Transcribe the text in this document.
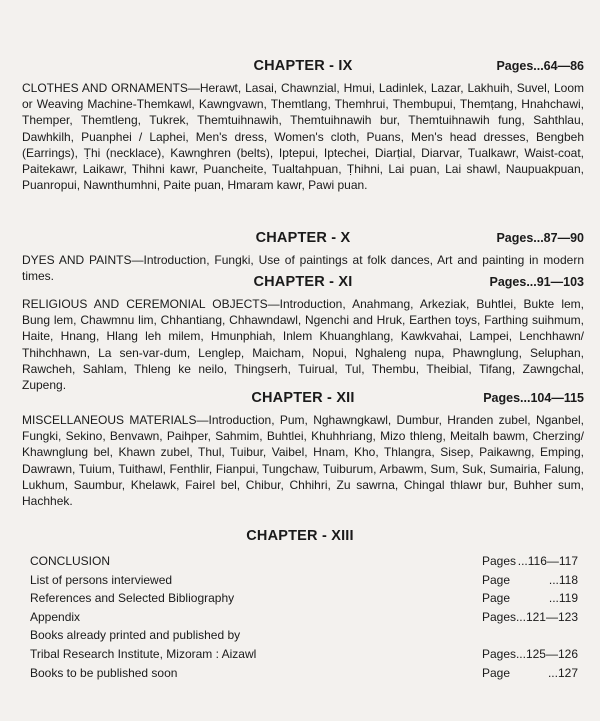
CHAPTER - IX	Pages...64—86
CLOTHES AND ORNAMENTS—Herawt, Lasai, Chawnzial, Hmui, Ladinlek, Lazar, Lakhuih, Suvel, Loom or Weaving Machine-Themkawl, Kawngvawn, Themtlang, Themhrui, Thembupui, Themṭang, Hnahchawi, Themper, Themtleng, Tukrek, Themtuihnawih, Themtuihnawih bur, Themtuihnawih fung, Sahthlau, Dawhkilh, Puanphei / Laphei, Men's dress, Women's cloth, Puans, Men's head dresses, Bengbeh (Earrings), Ṭhi (necklace), Kawnghren (belts), Iptepui, Iptechei, Diarṭial, Diarvar, Tualkawr, Waist-coat, Paitekawr, Laikawr, Thihni kawr, Puancheite, Tualtahpuan, Ṭhihni, Lai puan, Lai shawl, Naupuakpuan, Puanropui, Nawnthumhni, Paite puan, Hmaram kawr, Pawi puan.
CHAPTER - X	Pages...87—90
DYES AND PAINTS—Introduction, Fungki, Use of paintings at folk dances, Art and painting in modern times.	CHAPTER - XI	Pages...91—103
RELIGIOUS AND CEREMONIAL OBJECTS—Introduction, Anahmang, Arkeziak, Buhtlei, Bukte lem, Bung lem, Chawmnu lim, Chhantiang, Chhawndawl, Ngenchi and Hruk, Earthen toys, Farthing suihmum, Haite, Hnang, Hlang leh milem, Hmunphiah, Inlem Khuanghlang, Kawkvahai, Lampei, Lenchhawn/ Thihchhawn, La sen-var-dum, Lenglep, Maicham, Nopui, Nghaleng nupa, Phawnglung, Seluphan, Rawcheh, Sahlam, Thleng ke neilo, Thingserh, Tuirual, Tul, Thembu, Theibial, Tifang, Zawngchal, Zupeng.
CHAPTER - XII	Pages...104—115
MISCELLANEOUS MATERIALS—Introduction, Pum, Nghawngkawl, Dumbur, Hranden zubel, Nganbel, Fungki, Sekino, Benvawn, Paihper, Sahmim, Buhtlei, Khuhhriang, Mizo thleng, Meitalh bawm, Cherzing/ Khawnglung bel, Khawn zubel, Thul, Tuibur, Vaibel, Hnam, Kho, Thlangra, Sisep, Paikawng, Emping, Dawrawn, Tuium, Tuithawl, Fenthlir, Fianpui, Tungchaw, Tuiburum, Arbawm, Sum, Suk, Sumairia, Falung, Lukhum, Saumbur, Khelawk, Fairel bel, Chibur, Chhihri, Zu sawrna, Chingal thlawr bur, Buhher sum, Hachhek.
CHAPTER - XIII
CONCLUSION	Pages ...116—117
List of persons interviewed	Page	...118
References and Selected Bibliography	Page	...119
Appendix	Pages ...121—123
Books already printed and published by
Tribal Research Institute, Mizoram : Aizawl	Pages ...125—126
Books to be published soon	Page	...127
